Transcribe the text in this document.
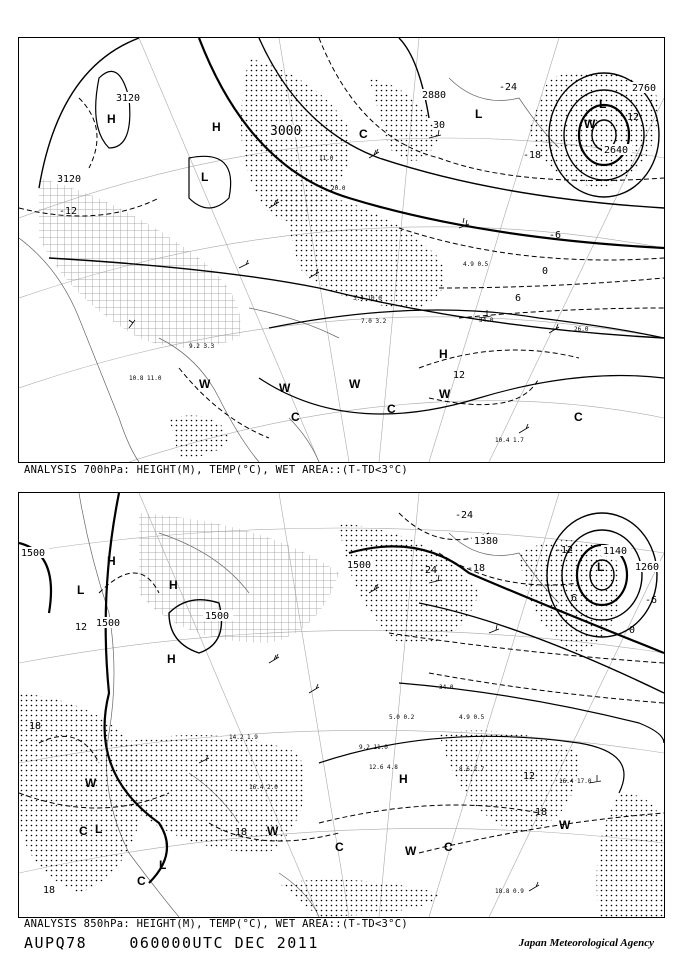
3120
3120
3000
2880
2760
2640
-12
-24
30
-18
-12
-6
0
6
12
H
H
L
L
L
H
W	W	W
C
C
W
C
W
C
11.0
20.0
34.0
26.0
10.8 11.0
10.4 1.7
9.2 3.3
3.4 10.0
7.0 3.2
4.9 0.5
ANALYSIS 700hPa: HEIGHT(M), TEMP(°C), WET AREA::(T-TD<3°C)
1500
1500
1500
1500
1380
1140
1260
12
-24
-24	-18
-12
18
12
18
18
18
6
0
-6
H
L
H
H
L
L
L
W
W
C
C	W C
H
C
W
34.0
16.4 17.0
18.8 0.9
12.6 4.8
9.2 11.0
8.6 2.7
16.4 2.0
14.2 1.9
5.0 0.2	4.9 0.5
ANALYSIS 850hPa: HEIGHT(M), TEMP(°C), WET AREA::(T-TD<3°C)
AUPQ78	060000UTC DEC 2011	Japan Meteorological Agency
